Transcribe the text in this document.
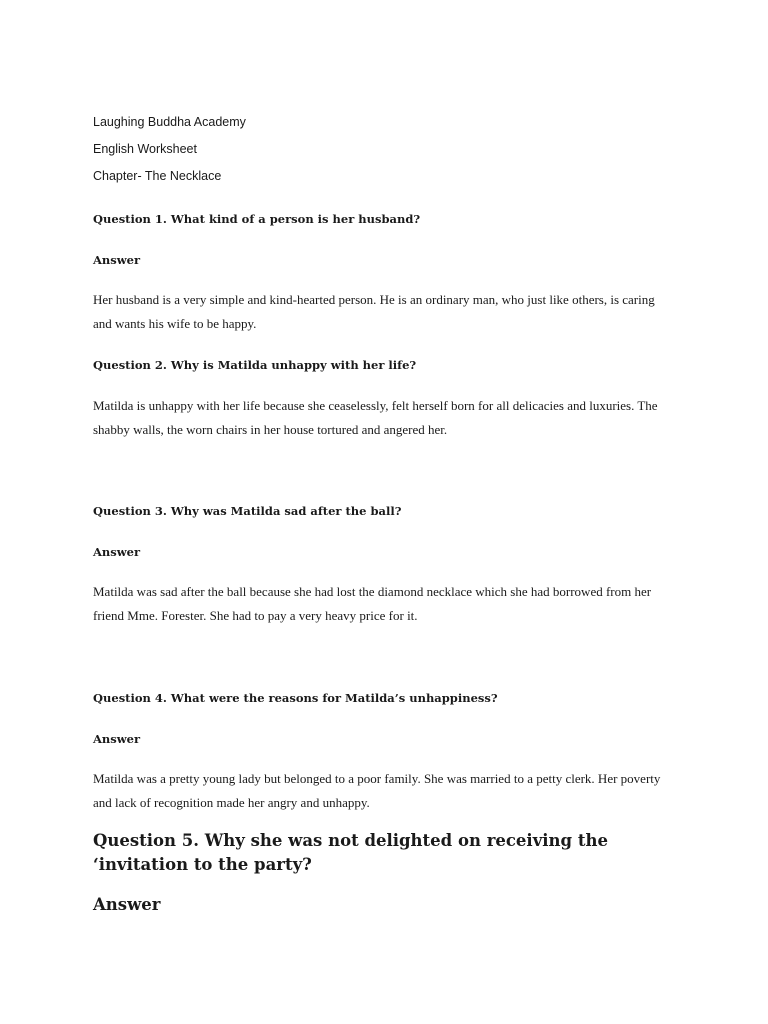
Laughing Buddha Academy

English Worksheet

Chapter- The Necklace

Question 1. What kind of a person is her husband?

Answer

Her husband is a very simple and kind-hearted person. He is an ordinary man, who just like others, is caring and wants his wife to be happy.

Question 2. Why is Matilda unhappy with her life?

Matilda is unhappy with her life because she ceaselessly, felt herself born for all delicacies and luxuries. The shabby walls, the worn chairs in her house tortured and angered her.

Question 3. Why was Matilda sad after the ball?

Answer

Matilda was sad after the ball because she had lost the diamond necklace which she had borrowed from her friend Mme. Forester. She had to pay a very heavy price for it.

Question 4. What were the reasons for Matilda’s unhappiness?

Answer

Matilda was a pretty young lady but belonged to a poor family. She was married to a petty clerk. Her poverty and lack of recognition made her angry and unhappy.

Question 5. Why she was not delighted on receiving the ‘invitation to the party?

Answer
